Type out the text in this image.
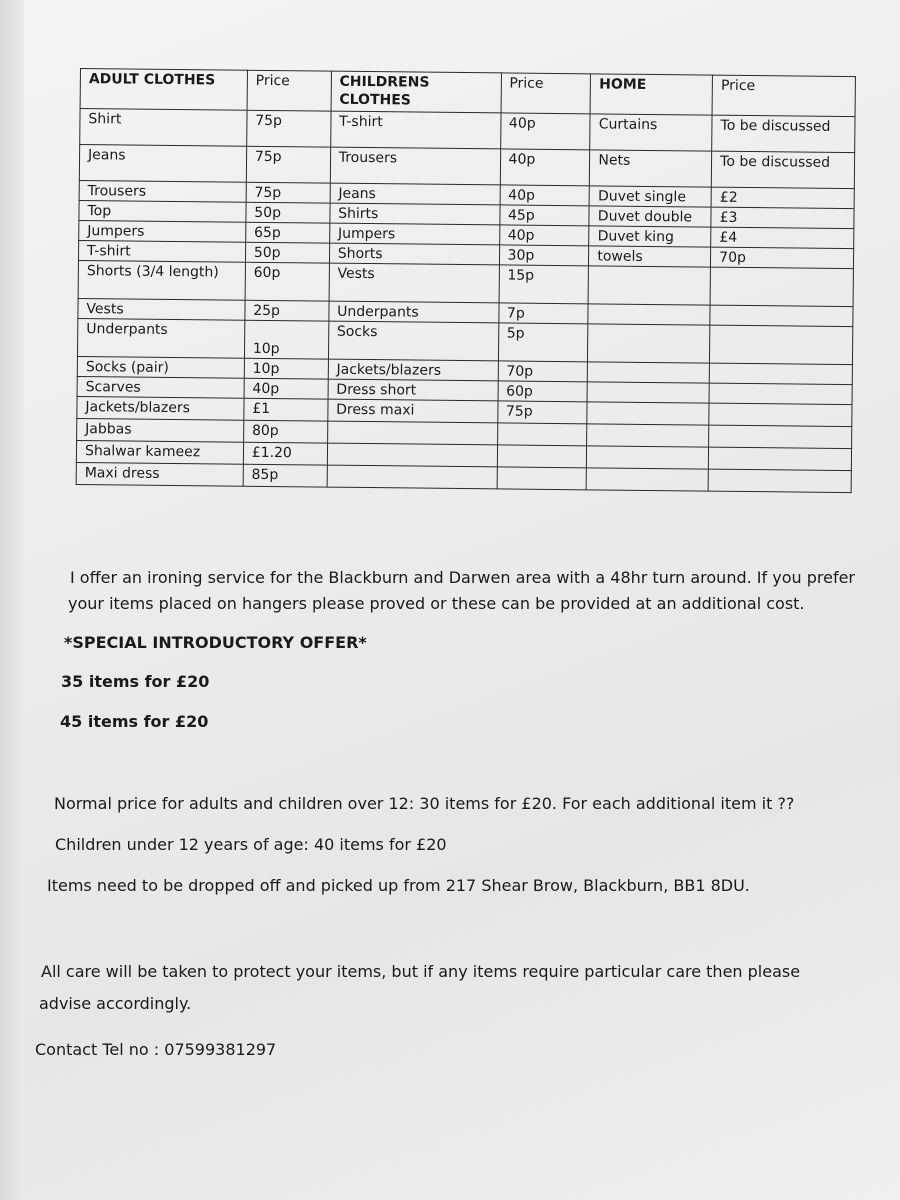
ADULT CLOTHES	Price	CHILDRENS CLOTHES	Price	HOME	Price
Shirt	75p	T-shirt	40p	Curtains	To be discussed
Jeans	75p	Trousers	40p	Nets	To be discussed
Trousers	75p	Jeans	40p	Duvet single	£2
Top	50p	Shirts	45p	Duvet double	£3
Jumpers	65p	Jumpers	40p	Duvet king	£4
T-shirt	50p	Shorts	30p	towels	70p
Shorts (3/4 length)	60p	Vests	15p		
Vests	25p	Underpants	7p		
Underpants	10p	Socks	5p		
Socks (pair)	10p	Jackets/blazers	70p		
Scarves	40p	Dress short	60p		
Jackets/blazers	£1	Dress maxi	75p		
Jabbas	80p				
Shalwar kameez	£1.20				
Maxi dress	85p				
I offer an ironing service for the Blackburn and Darwen area with a 48hr turn around. If you prefer
your items placed on hangers please proved or these can be provided at an additional cost.
*SPECIAL INTRODUCTORY OFFER*
35 items for £20
45 items for £20
Normal price for adults and children over 12: 30 items for £20. For each additional item it ??
Children under 12 years of age: 40 items for £20
Items need to be dropped off and picked up from 217 Shear Brow, Blackburn, BB1 8DU.
All care will be taken to protect your items, but if any items require particular care then please
advise accordingly.
Contact Tel no : 07599381297
